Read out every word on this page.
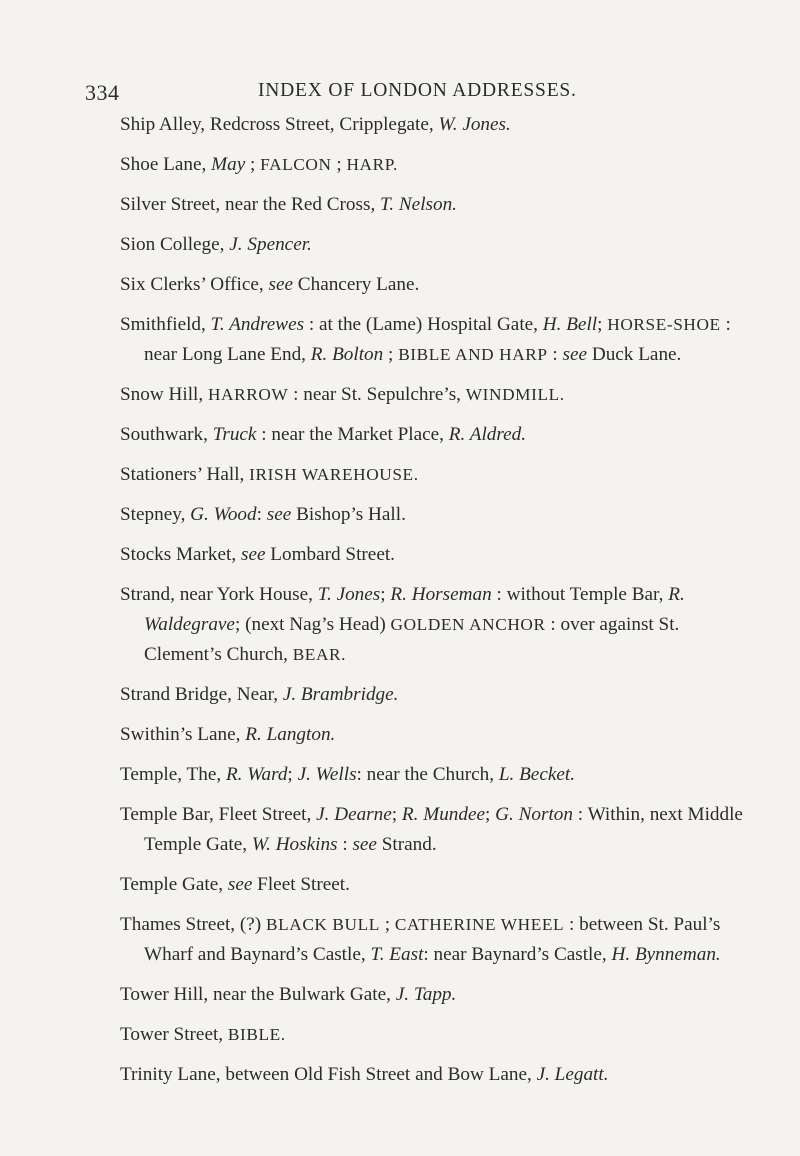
334	INDEX OF LONDON ADDRESSES.
Ship Alley, Redcross Street, Cripplegate, W. Jones.
Shoe Lane, May ; FALCON ; HARP.
Silver Street, near the Red Cross, T. Nelson.
Sion College, J. Spencer.
Six Clerks’ Office, see Chancery Lane.
Smithfield, T. Andrewes : at the (Lame) Hospital Gate, H. Bell; HORSE-SHOE : near Long Lane End, R. Bolton ; BIBLE AND HARP : see Duck Lane.
Snow Hill, HARROW : near St. Sepulchre’s, WINDMILL.
Southwark, Truck : near the Market Place, R. Aldred.
Stationers’ Hall, IRISH WAREHOUSE.
Stepney, G. Wood: see Bishop’s Hall.
Stocks Market, see Lombard Street.
Strand, near York House, T. Jones; R. Horseman : without Temple Bar, R. Waldegrave; (next Nag’s Head) GOLDEN ANCHOR : over against St. Clement’s Church, BEAR.
Strand Bridge, Near, J. Brambridge.
Swithin’s Lane, R. Langton.
Temple, The, R. Ward; J. Wells: near the Church, L. Becket.
Temple Bar, Fleet Street, J. Dearne; R. Mundee; G. Norton : Within, next Middle Temple Gate, W. Hoskins : see Strand.
Temple Gate, see Fleet Street.
Thames Street, (?) BLACK BULL ; CATHERINE WHEEL : between St. Paul’s Wharf and Baynard’s Castle, T. East: near Baynard’s Castle, H. Bynneman.
Tower Hill, near the Bulwark Gate, J. Tapp.
Tower Street, BIBLE.
Trinity Lane, between Old Fish Street and Bow Lane, J. Legatt.
